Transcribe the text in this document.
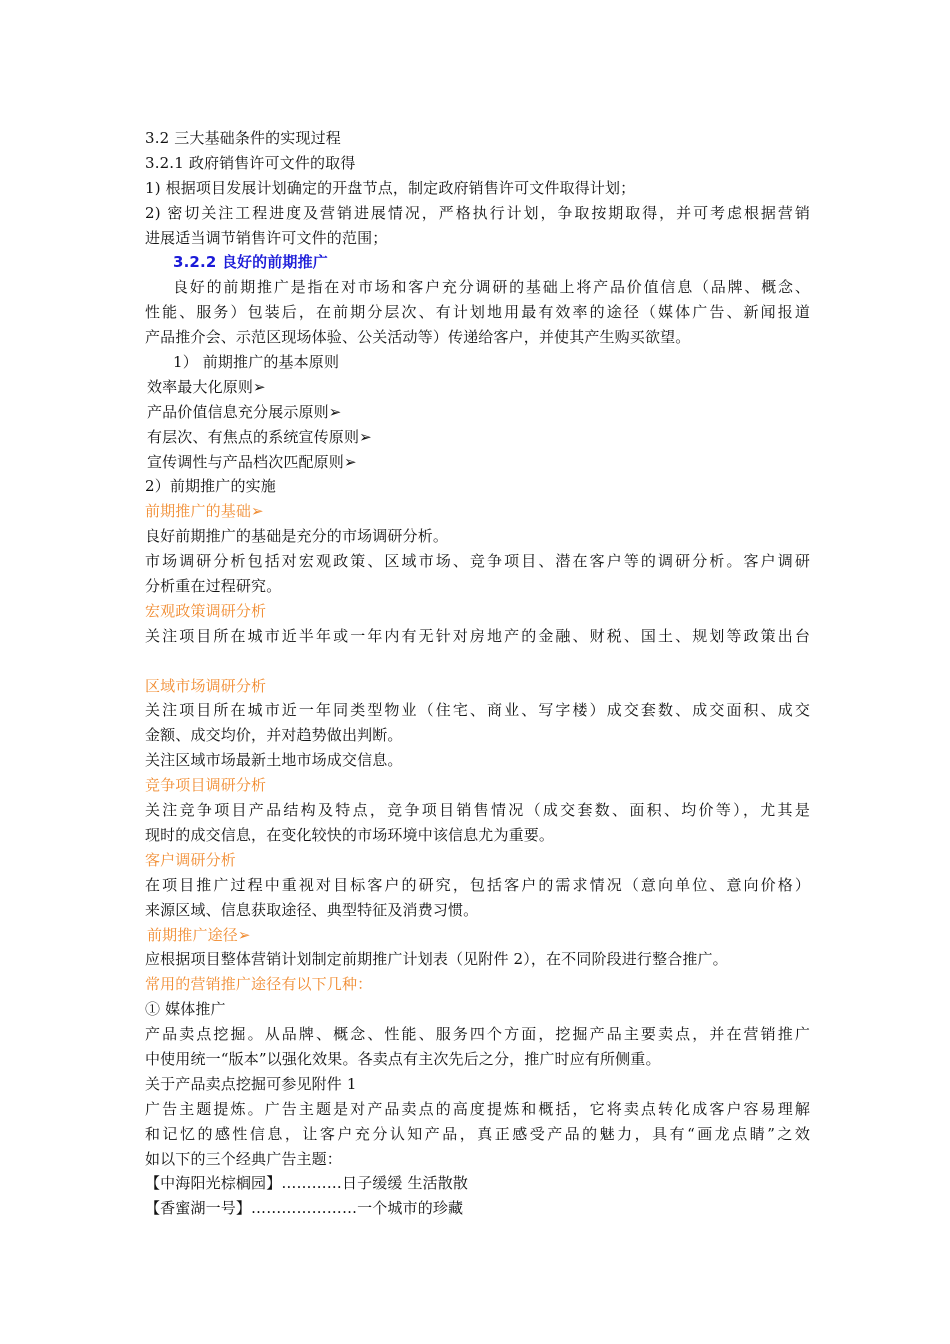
3.2 三大基础条件的实现过程
3.2.1 政府销售许可文件的取得
1) 根据项目发展计划确定的开盘节点，制定政府销售许可文件取得计划；
2) 密切关注工程进度及营销进展情况，严格执行计划，争取按期取得，并可考虑根据营销
进展适当调节销售许可文件的范围；
3.2.2 良好的前期推广
良好的前期推广是指在对市场和客户充分调研的基础上将产品价值信息（品牌、概念、
性能、服务）包装后，在前期分层次、有计划地用最有效率的途径（媒体广告、新闻报道
产品推介会、示范区现场体验、公关活动等）传递给客户，并使其产生购买欲望。
1） 前期推广的基本原则
效率最大化原则➢
产品价值信息充分展示原则➢
有层次、有焦点的系统宣传原则➢
宣传调性与产品档次匹配原则➢
2）前期推广的实施
前期推广的基础➢
良好前期推广的基础是充分的市场调研分析。
市场调研分析包括对宏观政策、区域市场、竞争项目、潜在客户等的调研分析。客户调研
分析重在过程研究。
宏观政策调研分析
关注项目所在城市近半年或一年内有无针对房地产的金融、财税、国土、规划等政策出台
区域市场调研分析
关注项目所在城市近一年同类型物业（住宅、商业、写字楼）成交套数、成交面积、成交
金额、成交均价，并对趋势做出判断。
关注区域市场最新土地市场成交信息。
竞争项目调研分析
关注竞争项目产品结构及特点，竞争项目销售情况（成交套数、面积、均价等），尤其是
现时的成交信息，在变化较快的市场环境中该信息尤为重要。
客户调研分析
在项目推广过程中重视对目标客户的研究，包括客户的需求情况（意向单位、意向价格）
来源区域、信息获取途径、典型特征及消费习惯。
前期推广途径➢
应根据项目整体营销计划制定前期推广计划表（见附件 2），在不同阶段进行整合推广。
常用的营销推广途径有以下几种：
① 媒体推广
产品卖点挖掘。从品牌、概念、性能、服务四个方面，挖掘产品主要卖点，并在营销推广
中使用统一“版本”以强化效果。各卖点有主次先后之分，推广时应有所侧重。
关于产品卖点挖掘可参见附件 1
广告主题提炼。广告主题是对产品卖点的高度提炼和概括，它将卖点转化成客户容易理解
和记忆的感性信息，让客户充分认知产品，真正感受产品的魅力，具有“画龙点睛”之效
如以下的三个经典广告主题：
【中海阳光棕榈园】…………日子缓缓 生活散散
【香蜜湖一号】…………………一个城市的珍藏
